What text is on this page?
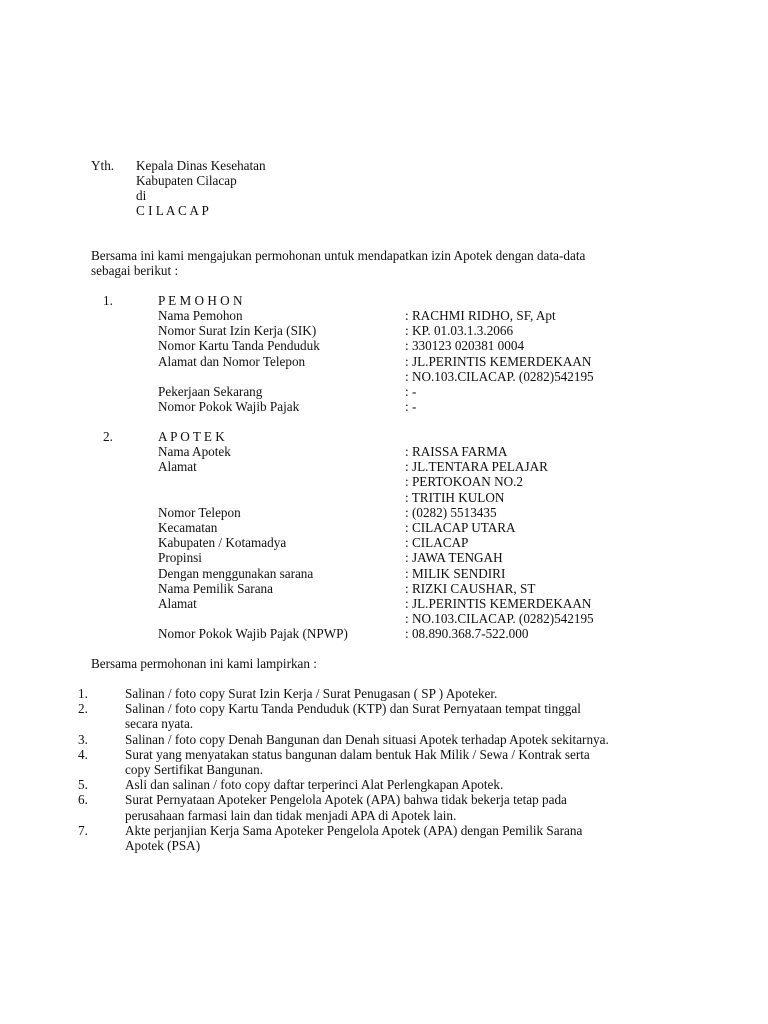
Yth. Kepala Dinas Kesehatan
Kabupaten Cilacap
di
C I L A C A P
Bersama ini kami mengajukan permohonan untuk mendapatkan izin Apotek dengan data-data
sebagai berikut :
1.	P E M O H O N
Nama Pemohon
Nomor Surat Izin Kerja (SIK)
Nomor Kartu Tanda Penduduk
Alamat dan Nomor Telepon
Pekerjaan Sekarang
Nomor Pokok Wajib Pajak
: RACHMI RIDHO, SF, Apt
: KP. 01.03.1.3.2066
: 330123 020381 0004
: JL.PERINTIS KEMERDEKAAN
: NO.103.CILACAP. (0282)542195
: -
: -
2.	A P O T E K
Nama Apotek
Alamat
Nomor Telepon
Kecamatan
Kabupaten / Kotamadya
Propinsi
Dengan menggunakan sarana
Nama Pemilik Sarana
Alamat
Nomor Pokok Wajib Pajak (NPWP)
: RAISSA FARMA
: JL.TENTARA PELAJAR
: PERTOKOAN NO.2
: TRITIH KULON
: (0282) 5513435
: CILACAP UTARA
: CILACAP
: JAWA TENGAH
: MILIK SENDIRI
: RIZKI CAUSHAR, ST
: JL.PERINTIS KEMERDEKAAN
: NO.103.CILACAP. (0282)542195
: 08.890.368.7-522.000
Bersama permohonan ini kami lampirkan :
1.
2.
3.
4.
5.
6.
7.
Salinan / foto copy Surat Izin Kerja / Surat Penugasan ( SP ) Apoteker.
Salinan / foto copy Kartu Tanda Penduduk (KTP) dan Surat Pernyataan tempat tinggal
secara nyata.
Salinan / foto copy Denah Bangunan dan Denah situasi Apotek terhadap Apotek sekitarnya.
Surat yang menyatakan status bangunan dalam bentuk Hak Milik / Sewa / Kontrak serta
copy Sertifikat Bangunan.
Asli dan salinan / foto copy daftar terperinci Alat Perlengkapan Apotek.
Surat Pernyataan Apoteker Pengelola Apotek (APA) bahwa tidak bekerja tetap pada
perusahaan farmasi lain dan tidak menjadi APA di Apotek lain.
Akte perjanjian Kerja Sama Apoteker Pengelola Apotek (APA) dengan Pemilik Sarana
Apotek (PSA)
